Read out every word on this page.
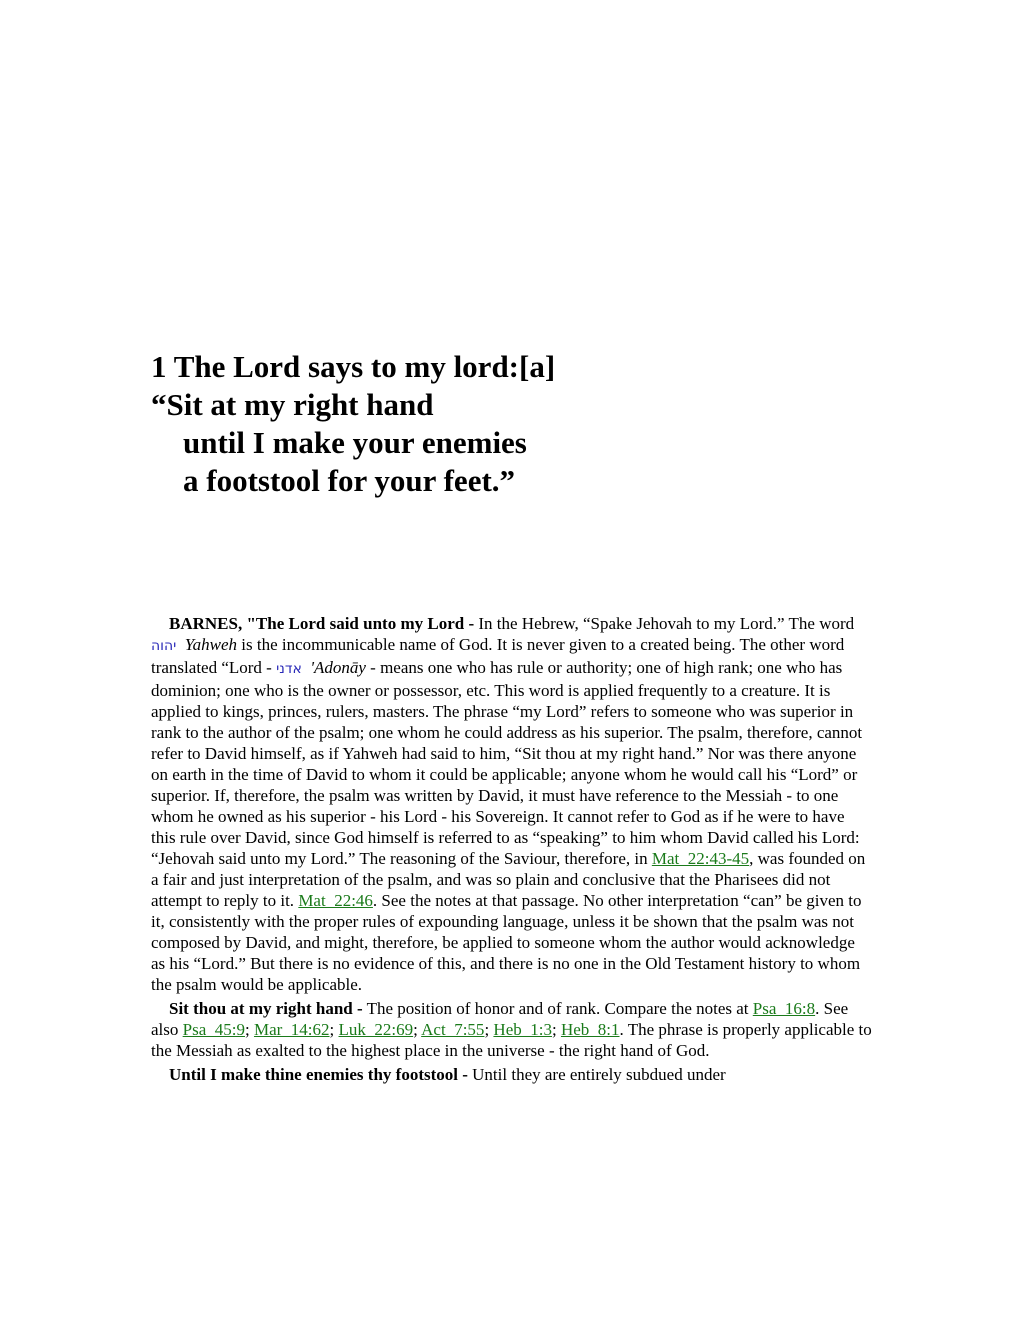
1 The Lord says to my lord:[a]
“Sit at my right hand
until I make your enemies
a footstool for your feet.”

BARNES, "The Lord said unto my Lord - In the Hebrew, “Spake Jehovah to my Lord.” The word יהוה Yahweh is the incommunicable name of God. It is never given to a created being. The other word translated “Lord - אדני 'Adonāy - means one who has rule or authority; one of high rank; one who has dominion; one who is the owner or possessor, etc. This word is applied frequently to a creature. It is applied to kings, princes, rulers, masters. The phrase “my Lord” refers to someone who was superior in rank to the author of the psalm; one whom he could address as his superior. The psalm, therefore, cannot refer to David himself, as if Yahweh had said to him, “Sit thou at my right hand.” Nor was there anyone on earth in the time of David to whom it could be applicable; anyone whom he would call his “Lord” or superior. If, therefore, the psalm was written by David, it must have reference to the Messiah - to one whom he owned as his superior - his Lord - his Sovereign. It cannot refer to God as if he were to have this rule over David, since God himself is referred to as “speaking” to him whom David called his Lord: “Jehovah said unto my Lord.” The reasoning of the Saviour, therefore, in Mat_22:43-45, was founded on a fair and just interpretation of the psalm, and was so plain and conclusive that the Pharisees did not attempt to reply to it. Mat_22:46. See the notes at that passage. No other interpretation “can” be given to it, consistently with the proper rules of expounding language, unless it be shown that the psalm was not composed by David, and might, therefore, be applied to someone whom the author would acknowledge as his “Lord.” But there is no evidence of this, and there is no one in the Old Testament history to whom the psalm would be applicable.

Sit thou at my right hand - The position of honor and of rank. Compare the notes at Psa_16:8. See also Psa_45:9; Mar_14:62; Luk_22:69; Act_7:55; Heb_1:3; Heb_8:1. The phrase is properly applicable to the Messiah as exalted to the highest place in the universe - the right hand of God.

Until I make thine enemies thy footstool - Until they are entirely subdued under
